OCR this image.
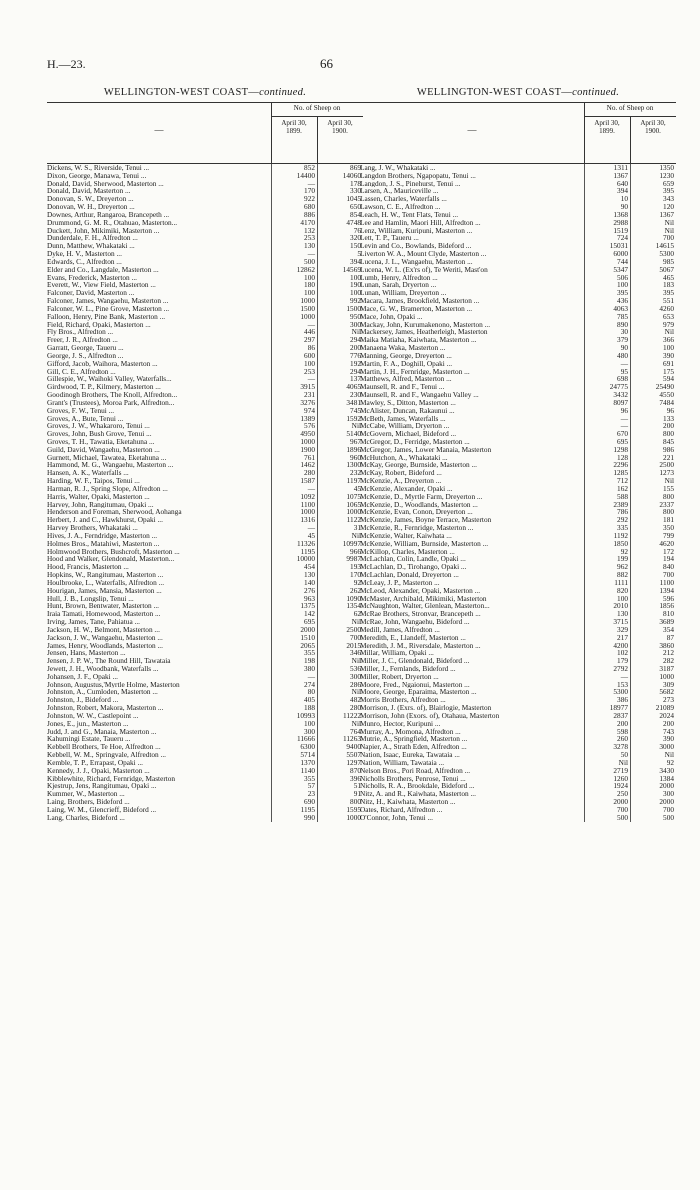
H.—23.	66
WELLINGTON-WEST COAST—continued.
—
No. of Sheep on
April 30,
1899.
April 30,
1900.
Dickens, W. S., Riverside, Tenui ...	852	869
Dixon, George, Manawa, Tenui ...	14400	14060
Donald, David, Sherwood, Masterton ...	—	178
Donald, David, Masterton ...	170	330
Donovan, S. W., Dreyerton ...	922	1045
Donovan, W. H., Dreyerton ...	680	650
Downes, Arthur, Rangaroa, Brancepeth ...	886	854
Drummond, G. M. R., Otahuao, Masterton...	4170	4748
Duckett, John, Mikimiki, Masterton ...	132	76
Dunderdale, F. H., Alfredton ...	253	320
Dunn, Matthew, Whakataki ...	130	150
Dyke, H. V., Masterton ...	—	5
Edwards, C., Alfredton ...	500	394
Elder and Co., Langdale, Masterton ...	12862	14569
Evans, Frederick, Masterton ...	100	100
Everett, W., View Field, Masterton ...	180	190
Falconer, David, Masterton ...	100	100
Falconer, James, Wangaehu, Masterton ...	1000	992
Falconer, W. L., Pine Grove, Masterton ...	1500	1500
Falloon, Henry, Pine Bank, Masterton ...	1000	950
Field, Richard, Opaki, Masterton ...	—	300
Fly Bros., Alfredton ...	446	Nil
Freer, J. R., Alfredton ...	297	294
Garratt, George, Taueru ...	86	200
George, J. S., Alfredton ...	600	776
Gifford, Jacob, Waihora, Masterton ...	100	192
Gill, C. E., Alfredton ...	253	294
Gillespie, W., Waihoki Valley, Waterfalls...	—	137
Girdwood, T. P., Kilmery, Masterton ...	3915	4065
Goodinogh Brothers, The Knoll, Alfredton...	231	230
Grant's (Trustees), Moroa Park, Alfredton...	3276	3481
Groves, F. W., Tenui ...	974	745
Groves, A., Bute, Tenui ...	1389	1592
Groves, J. W., Whakaroro, Tenui ...	576	Nil
Groves, John, Bush Grove, Tenui ...	4950	5140
Groves, T. H., Tawatia, Eketahuna ...	1000	967
Guild, David, Wangaehu, Masterton ...	1900	1896
Gurnett, Michael, Tawatea, Eketahuna ...	761	960
Hammond, M. G., Wangaehu, Masterton ...	1462	1300
Hansen, A. K., Waterfalls ...	280	232
Harding, W. F., Taipos, Tenui ...	1587	1197
Harman, R. J., Spring Slope, Alfredton ...	—	45
Harris, Walter, Opaki, Masterton ...	1092	1075
Harvey, John, Rangitumau, Opaki ...	1100	1065
Henderson and Foreman, Sherwood, Aohanga	1000	1000
Herbert, J. and C., Hawkhurst, Opaki ...	1316	1122
Harvey Brothers, Whakataki ...	—	31
Hives, J. A., Ferndridge, Masterton ...	45	Nil
Holmes Bros., Matahiwi, Masterton ...	11326	10997
Holmwood Brothers, Bushcroft, Masterton ...	1195	966
Hood and Walker, Glendonald, Masterton...	10000	9987
Hood, Francis, Masterton ...	454	193
Hopkins, W., Rangitumau, Masterton ...	130	170
Houlbrooke, L., Waterfalls, Alfredton ...	140	92
Hourigan, James, Mansia, Masterton ...	276	262
Hull, J. B., Longslip, Tenui ...	963	1090
Hunt, Brown, Bentwater, Masterton ...	1375	1354
Iraia Tamati, Homewood, Masterton ...	142	62
Irving, James, Tane, Pahiatua ...	695	Nil
Jackson, H. W., Belmont, Masterton ...	2000	2500
Jackson, J. W., Wangaehu, Masterton ...	1510	700
James, Henry, Woodlands, Masterton ...	2065	2015
Jensen, Hans, Masterton ...	355	346
Jensen, J. P. W., The Round Hill, Tawataia	198	Nil
Jewett, J. H., Woodbank, Waterfalls ...	380	536
Johansen, J. F., Opaki ...	—	300
Johnson, Augustus,'Myrtle Holme, Masterton	274	286
Johnston, A., Cumloden, Masterton ...	80	Nil
Johnston, J., Bideford ...	405	482
Johnston, Robert, Makora, Masterton ...	188	280
Johnston, W. W., Castlepoint ...	10993	11222
Jones, E., jun., Masterton ...	100	Nil
Judd, J. and G., Manaia, Masterton ...	300	764
Kahumingi Estate, Taueru ...	11666	11263
Kebbell Brothers, Te Hoe, Alfredton ...	6300	9400
Kebbell, W. M., Springvale, Alfredton ...	5714	5507
Kemble, T. P., Errapast, Opaki ...	1370	1297
Kennedy, J. J., Opaki, Masterton ...	1140	870
Kibblewhite, Richard, Fernridge, Masterton	355	396
Kjestrup, Jens, Rangitumau, Opaki ...	57	51
Kummer, W., Masterton ...	23	91
Laing, Brothers, Bideford ...	690	800
Laing, W. M., Glencrieff, Bideford ...	1195	1595
Lang, Charles, Bideford ...	990	1000
WELLINGTON-WEST COAST—continued.
—
No. of Sheep on
April 30,
1899.
April 30,
1900.
Lang, J. W., Whakataki ...	1311	1350
Langdon Brothers, Ngapopatu, Tenui ...	1367	1230
Langdon, J. S., Pinehurst, Tenui ...	640	659
Larsen, A., Mauriceville ...	394	395
Lassen, Charles, Waterfalls ...	10	343
Lawson, C. E., Alfredton ...	90	120
Leach, H. W., Tent Flats, Tenui ...	1368	1367
Lee and Hamlin, Maori Hill, Alfredton ...	2988	Nil
Lenz, William, Kuripuni, Masterton ...	1519	Nil
Lett, T. P., Taueru ...	724	700
Levin and Co., Bowlands, Bideford ...	15031	14615
Liverton W. A., Mount Clyde, Masterton ...	6000	5300
Lucena, J. L., Wangaehu, Masterton ...	744	985
Lucena, W. L. (Ex'rs of), Te Weriti, Mast'on	5347	5067
Lumb, Henry, Alfredton ...	506	465
Lunan, Sarah, Dryerton ...	100	183
Lunan, William, Dreyerton ...	395	395
Macara, James, Brookfield, Masterton ...	436	551
Mace, G. W., Bramerton, Masterton ...	4063	4260
Mace, John, Opaki ...	785	653
Mackay, John, Kurumakenono, Masterton ...	890	979
Mackersey, James, Heatherleigh, Masterton	30	Nil
Maika Matiaha, Kaiwhata, Masterton ...	379	366
Manaena Waka, Masterton ...	90	100
Manning, George, Dreyerton ...	480	390
Martin, F. A., Doghill, Opaki ...	—	691
Martin, J. H., Fernridge, Masterton ...	95	175
Matthews, Alfred, Masterton ...	698	594
Maunsell, R. and F., Tenui ...	24775	25490
Maunsell, R. and F., Wangaehu Valley ...	3432	4550
Mawley, S., Ditton, Masterton ...	8097	7484
McAlister, Duncan, Rakaunui ...	96	96
McBeth, James, Waterfalls ...	—	133
McCabe, William, Dryerton ...	—	200
McGovern, Michael, Bideford ...	670	800
McGregor, D., Ferridge, Masterton ...	695	845
McGregor, James, Lower Manaia, Masterton	1298	986
McHutchon, A., Whakataki ...	128	221
McKay, George, Burnside, Masterton ...	2296	2500
McKay, Robert, Bideford ...	1285	1273
McKenzie, A., Dreyerton ...	712	Nil
McKenzie, Alexander, Opaki ...	162	155
McKenzie, D., Myrtle Farm, Dreyerton ...	588	800
McKenzie, D., Woodlands, Masterton ...	2389	2337
McKenzie, Evan, Conon, Dreyerton ...	786	800
McKenzie, James, Boyne Terrace, Masterton	292	181
McKenzie, R., Fernridge, Masterton ...	335	350
McKenzie, Walter, Kaiwhata ...	1192	799
McKenzie, William, Burnside, Masterton ...	1850	4620
McKillop, Charles, Masterton ...	92	172
McLachlan, Colin, Landle, Opaki ...	199	194
McLachlan, D., Tirohango, Opaki ...	962	840
McLachlan, Donald, Dreyerton ...	882	700
McLeay, J. P., Masterton ...	1111	1100
McLeod, Alexander, Opaki, Masterton ...	820	1394
McMaster, Archibald, Mikimiki, Masterton	100	596
McNaughton, Walter, Glenlean, Masterton...	2010	1856
McRae Brothers, Stronvar, Brancepeth ...	130	810
McRae, John, Wangaehu, Bideford ...	3715	3689
Medill, James, Alfredton ...	329	354
Meredith, E., Llandeff, Masterton ...	217	87
Meredith, J. M., Riversdale, Masterton ...	4200	3860
Millar, William, Opaki ...	102	212
Miller, J. C., Glendonald, Bideford ...	179	282
Miller, J., Fernlands, Bideford ...	2792	3187
Miller, Robert, Dryerton ...	—	1000
Moore, Fred., Ngaionui, Masterton ...	153	309
Moore, George, Eparaima, Masterton ...	5300	5682
Morris Brothers, Alfredton ...	386	273
Morrison, J. (Exrs. of), Blairlogie, Masterton	18977	21089
Morrison, John (Exors. of), Otahaua, Masterton	2837	2024
Munro, Hector, Kuripuni ...	200	200
Murray, A., Momona, Alfredton ...	598	743
Mutrie, A., Springfield, Masterton ...	260	390
Napier, A., Strath Eden, Alfredton ...	3278	3000
Nation, Isaac, Eureka, Tawataia ...	50	Nil
Nation, William, Tawataia ...	Nil	92
Nelson Bros., Pori Road, Alfredton ...	2719	3430
Nicholls Brothers, Penrose, Tenui ...	1260	1384
Nicholls, R. A., Brookdale, Bideford ...	1924	2000
Nitz, A. and R., Kaiwhata, Masterton ...	250	300
Nitz, H., Kaiwhata, Masterton ...	2000	2000
Oates, Richard, Alfredton ...	700	700
O'Connor, John, Tenui ...	500	500
